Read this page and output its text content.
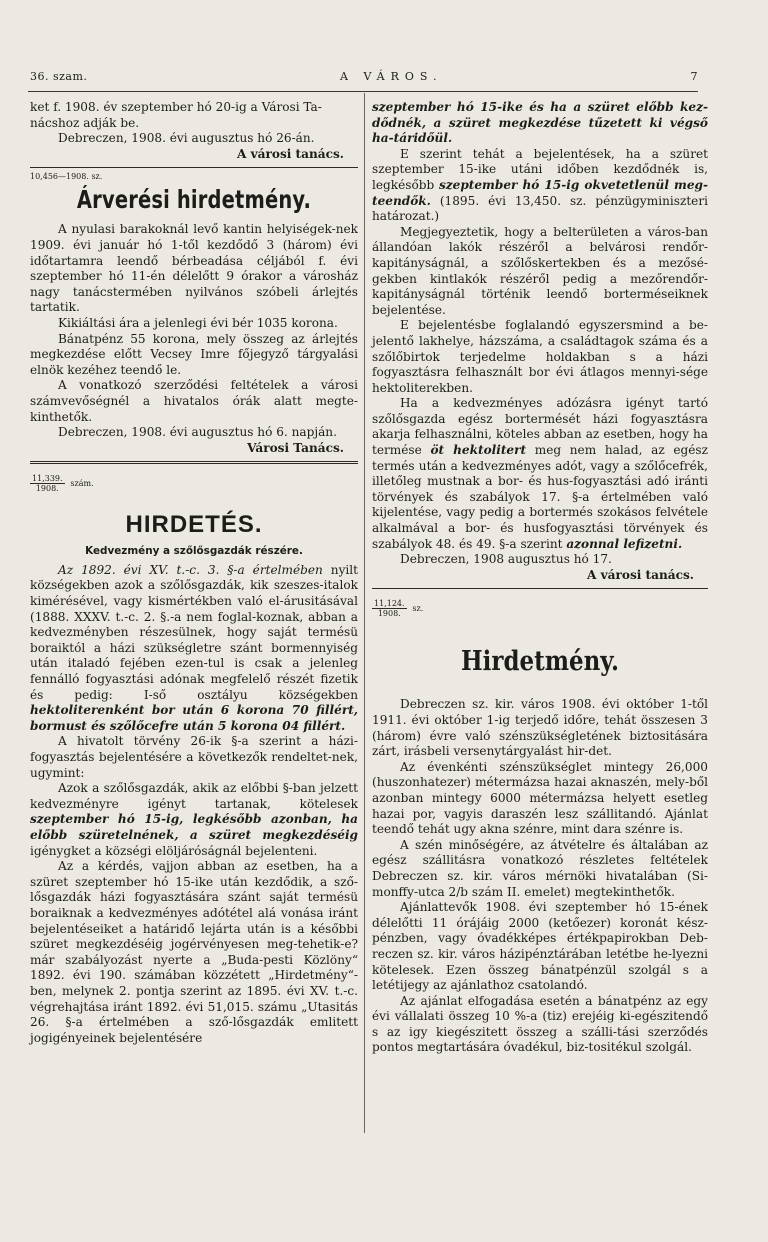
36. szam.	A VÁROS.	7

ket f. 1908. év szeptember hó 20-ig a Városi Ta-

nácshoz adják be.

Debreczen, 1908. évi augusztus hó 26-án.

A városi tanács.

10,456—1908. sz.

Árverési hirdetmény.

A nyulasi barakoknál levő kantin helyiségek-nek 1909. évi január hó 1-től kezdődő 3 (három) évi időtartamra leendő bérbeadása céljából f. évi szeptember hó 11-én délelőtt 9 órakor a városház nagy tanácstermében nyilvános szóbeli árlejtés tartatik.

Kikiáltási ára a jelenlegi évi bér 1035 korona.

Bánatpénz 55 korona, mely összeg az árlejtés megkezdése előtt Vecsey Imre főjegyző tárgyalási elnök kezéhez teendő le.

A vonatkozó szerződési feltételek a városi számvevőségnél a hivatalos órák alatt megte-kinthetők.

Debreczen, 1908. évi augusztus hó 6. napján.

Városi Tanács.

$\frac{11,339.}{1908.}$ szám.
HIRDETÉS.
Kedvezmény a szőlősgazdák részére.

Az 1892. évi XV. t.-c. 3. §-a értelmében nyilt községekben azok a szőlősgazdák, kik szeszes-italok kimérésével, vagy kismértékben való el-árusitásával (1888. XXXV. t.-c. 2. §.-a nem foglal-koznak, abban a kedvezményben részesülnek, hogy saját termésü boraiktól a házi szükségletre szánt bormennyiség után italadó fejében ezen-tul is csak a jelenleg fennálló fogyasztási adónak megfelelő részét fizetik és pedig: I-ső osztályu községekben hektoliterenként bor után 6 korona 70 fillért, bormust és szőlőcefre után 5 korona 04 fillért.

A hivatolt törvény 26-ik §-a szerint a házi-fogyasztás bejelentésére a következők rendeltet-nek, ugymint:

Azok a szőlősgazdák, akik az előbbi §-ban jelzett kedvezményre igényt tartanak, kötelesek szeptember hó 15-ig, legkésőbb azonban, ha előbb szüretelnének, a szüret megkezdéséig igénygket a községi elöljáróságnál bejelenteni.

Az a kérdés, vajjon abban az esetben, ha a szüret szeptember hó 15-ike után kezdődik, a sző-lősgazdák házi fogyasztására szánt saját termésü boraiknak a kedvezményes adótétel alá vonása iránt bejelentéseiket a határidő lejárta után is a későbbi szüret megkezdéséig jogérvényesen meg-tehetik-e? már szabályozást nyerte a „Buda-pesti Közlöny“ 1892. évi 190. számában közzétett „Hirdetmény“-ben, melynek 2. pontja szerint az 1895. évi XV. t.-c. végrehajtása iránt 1892. évi 51,015. számu „Utasitás 26. §-a értelmében a sző-lősgazdák emlitett jogigényeinek bejelentésére

szeptember hó 15-ike és ha a szüret előbb kez-dődnék, a szüret megkezdése tűzetett ki végső ha-táridőül.

E szerint tehát a bejelentések, ha a szüret szeptember 15-ike utáni időben kezdődnék is, legkésőbb szeptember hó 15-ig okvetetlenül meg-teendők. (1895. évi 13,450. sz. pénzügyminiszteri határozat.)

Megjegyeztetik, hogy a belterületen a város-ban állandóan lakók részéről a belvárosi rendőr-kapitányságnál, a szőlőskertekben és a mezősé-gekben kintlakók részéről pedig a mezőrendőr-kapitányságnál történik leendő borterméseiknek bejelentése.

E bejelentésbe foglalandó egyszersmind a be-jelentő lakhelye, házszáma, a családtagok száma és a szőlőbirtok terjedelme holdakban s a házi fogyasztásra felhasznált bor évi átlagos mennyi-sége hektoliterekben.

Ha a kedvezményes adózásra igényt tartó szőlősgazda egész bortermését házi fogyasztásra akarja felhasználni, köteles abban az esetben, hogy ha termése öt hektolitert meg nem halad, az egész termés után a kedvezményes adót, vagy a szőlőcefrék, illetőleg mustnak a bor- és hus-fogyasztási adó iránti törvények és szabályok 17. §-a értelmében való kijelentése, vagy pedig a bortermés szokásos felvétele alkalmával a bor- és husfogyasztási törvények és szabályok 48. és 49. §-a szerint azonnal lefizetni.

Debreczen, 1908 augusztus hó 17.

A városi tanács.

$\frac{11,124.}{1908.}$ sz.
Hirdetmény.

Debreczen sz. kir. város 1908. évi október 1-től 1911. évi október 1-ig terjedő időre, tehát összesen 3 (három) évre való szénszükségletének biztositására zárt, irásbeli versenytárgyalást hir-det.

Az évenkénti szénszükséglet mintegy 26,000 (huszonhatezer) métermázsa hazai aknaszén, mely-ből azonban mintegy 6000 métermázsa helyett esetleg hazai por, vagyis daraszén lesz szállitandó. Ajánlat teendő tehát ugy akna szénre, mint dara szénre is.

A szén minőségére, az átvételre és általában az egész szállitásra vonatkozó részletes feltételek Debreczen sz. kir. város mérnöki hivatalában (Si-monffy-utca 2/b szám II. emelet) megtekinthetők.

Ajánlattevők 1908. évi szeptember hó 15-ének délelőtti 11 órájáig 2000 (ketőezer) koronát kész-pénzben, vagy óvadékképes értékpapirokban Deb-reczen sz. kir. város házipénztárában letétbe he-lyezni kötelesek. Ezen összeg bánatpénzül szolgál s a letétijegy az ajánlathoz csatolandó.

Az ajánlat elfogadása esetén a bánatpénz az egy évi vállalati összeg 10 %-a (tiz) erejéig ki-egészitendő s az igy kiegészitett összeg a szálli-tási szerződés pontos megtartására óvadékul, biz-tositékul szolgál.
